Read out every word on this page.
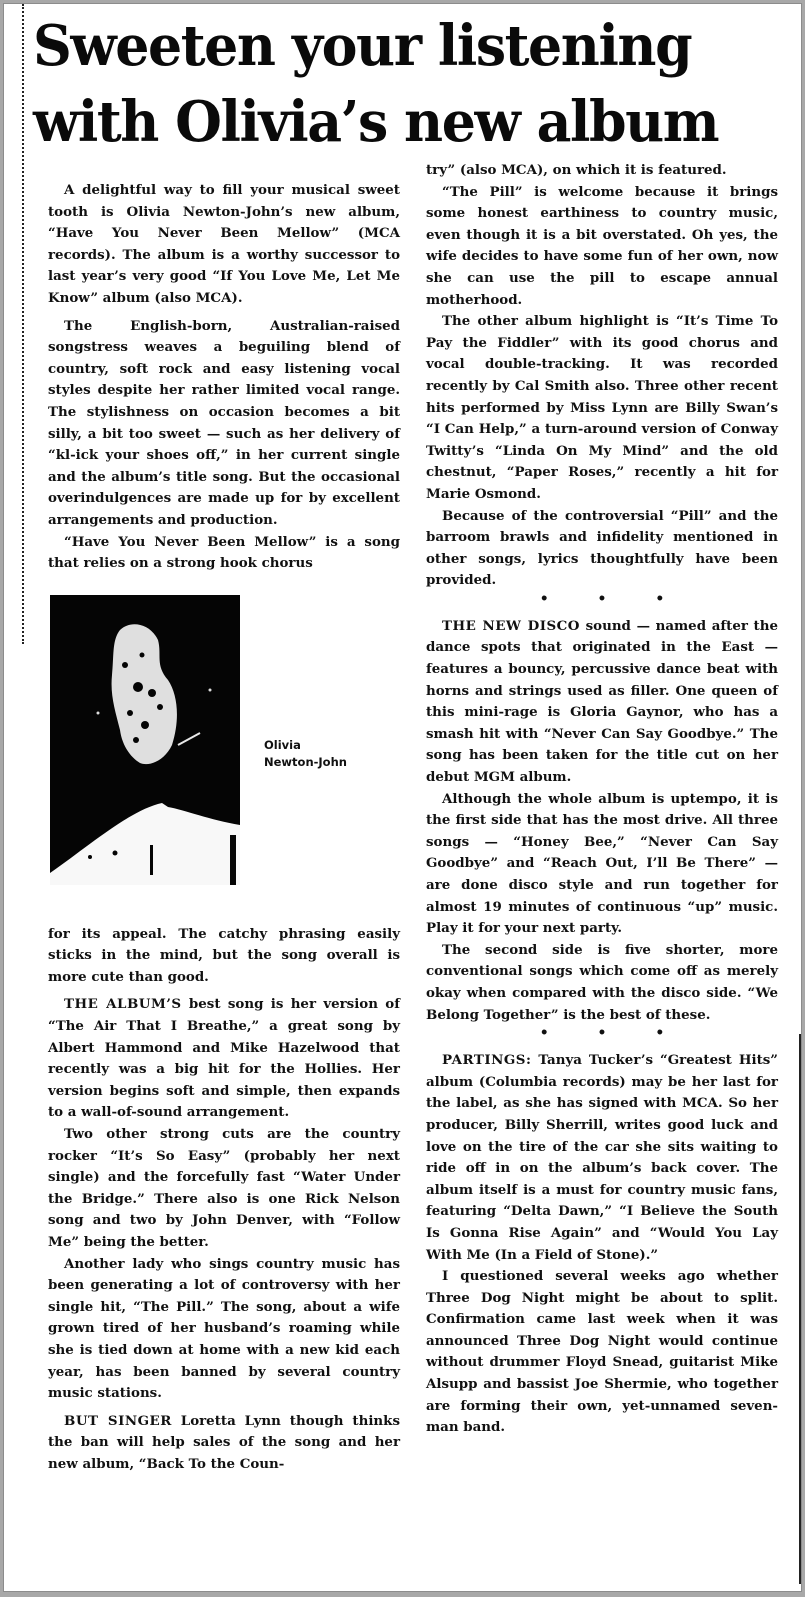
Sweeten your listening
with Olivia’s new album

A delightful way to fill your musical sweet tooth is Olivia Newton-John’s new album, “Have You Never Been Mellow” (MCA records). The album is a worthy successor to last year’s very good “If You Love Me, Let Me Know” album (also MCA).

The English-born, Australian-raised songstress weaves a beguiling blend of country, soft rock and easy listening vocal styles despite her rather limited vocal range. The stylishness on occasion becomes a bit silly, a bit too sweet — such as her delivery of “kl-ick your shoes off,” in her current single and the album’s title song. But the occasional overindulgences are made up for by excellent arrangements and production.

“Have You Never Been Mellow” is a song that relies on a strong hook chorus

Olivia
Newton-John

for its appeal. The catchy phrasing easily sticks in the mind, but the song overall is more cute than good.

THE ALBUM’S best song is her version of “The Air That I Breathe,” a great song by Albert Hammond and Mike Hazelwood that recently was a big hit for the Hollies. Her version begins soft and simple, then expands to a wall-of-sound arrangement.

Two other strong cuts are the country rocker “It’s So Easy” (probably her next single) and the forcefully fast “Water Under the Bridge.” There also is one Rick Nelson song and two by John Denver, with “Follow Me” being the better.

Another lady who sings country music has been generating a lot of controversy with her single hit, “The Pill.” The song, about a wife grown tired of her husband’s roaming while she is tied down at home with a new kid each year, has been banned by several country music stations.

BUT SINGER Loretta Lynn though thinks the ban will help sales of the song and her new album, “Back To the Coun-

try” (also MCA), on which it is featured.

“The Pill” is welcome because it brings some honest earthiness to country music, even though it is a bit overstated. Oh yes, the wife decides to have some fun of her own, now she can use the pill to escape annual motherhood.

The other album highlight is “It’s Time To Pay the Fiddler” with its good chorus and vocal double-tracking. It was recorded recently by Cal Smith also. Three other recent hits performed by Miss Lynn are Billy Swan’s “I Can Help,” a turn-around version of Conway Twitty’s “Linda On My Mind” and the old chestnut, “Paper Roses,” recently a hit for Marie Osmond.

Because of the controversial “Pill” and the barroom brawls and infidelity mentioned in other songs, lyrics thoughtfully have been provided.

• • •

THE NEW DISCO sound — named after the dance spots that originated in the East — features a bouncy, percussive dance beat with horns and strings used as filler. One queen of this mini-rage is Gloria Gaynor, who has a smash hit with “Never Can Say Goodbye.” The song has been taken for the title cut on her debut MGM album.

Although the whole album is uptempo, it is the first side that has the most drive. All three songs — “Honey Bee,” “Never Can Say Goodbye” and “Reach Out, I’ll Be There” — are done disco style and run together for almost 19 minutes of continuous “up” music. Play it for your next party.

The second side is five shorter, more conventional songs which come off as merely okay when compared with the disco side. “We Belong Together” is the best of these.

• • •

PARTINGS: Tanya Tucker’s “Greatest Hits” album (Columbia records) may be her last for the label, as she has signed with MCA. So her producer, Billy Sherrill, writes good luck and love on the tire of the car she sits waiting to ride off in on the album’s back cover. The album itself is a must for country music fans, featuring “Delta Dawn,” “I Believe the South Is Gonna Rise Again” and “Would You Lay With Me (In a Field of Stone).”

I questioned several weeks ago whether Three Dog Night might be about to split. Confirmation came last week when it was announced Three Dog Night would continue without drummer Floyd Snead, guitarist Mike Alsupp and bassist Joe Shermie, who together are forming their own, yet-unnamed seven-man band.
